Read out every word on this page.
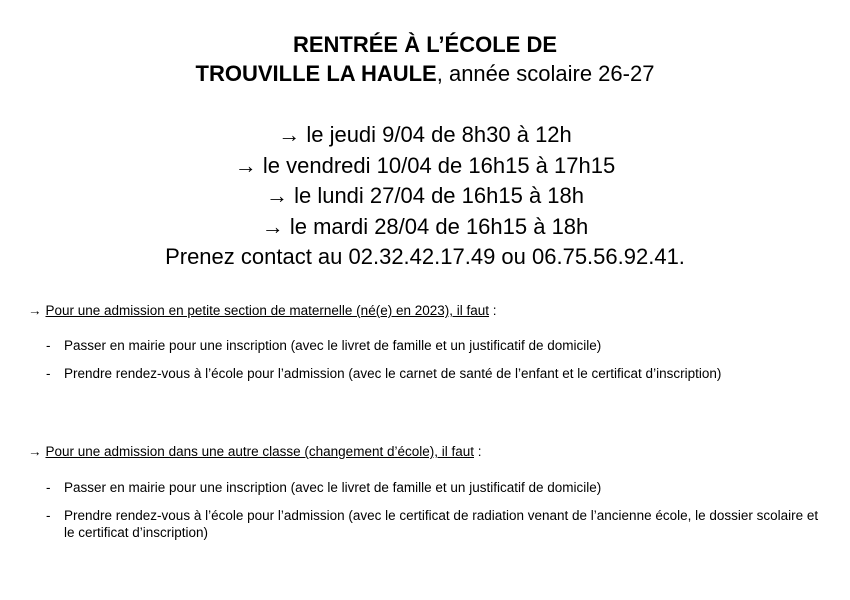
RENTRÉE À L’ÉCOLE DE
TROUVILLE LA HAULE, année scolaire 26-27
→ le jeudi 9/04 de 8h30 à 12h
→ le vendredi 10/04 de 16h15 à 17h15
→ le lundi 27/04 de 16h15 à 18h
→ le mardi 28/04 de 16h15 à 18h
Prenez contact au 02.32.42.17.49 ou 06.75.56.92.41.
→ Pour une admission en petite section de maternelle (né(e) en 2023), il faut :
- Passer en mairie pour une inscription (avec le livret de famille et un justificatif de domicile)
- Prendre rendez-vous à l’école pour l’admission (avec le carnet de santé de l’enfant et le certificat d’inscription)
→ Pour une admission dans une autre classe (changement d’école), il faut :
- Passer en mairie pour une inscription (avec le livret de famille et un justificatif de domicile)
- Prendre rendez-vous à l’école pour l’admission (avec le certificat de radiation venant de l’ancienne école, le dossier scolaire et le certificat d’inscription)
